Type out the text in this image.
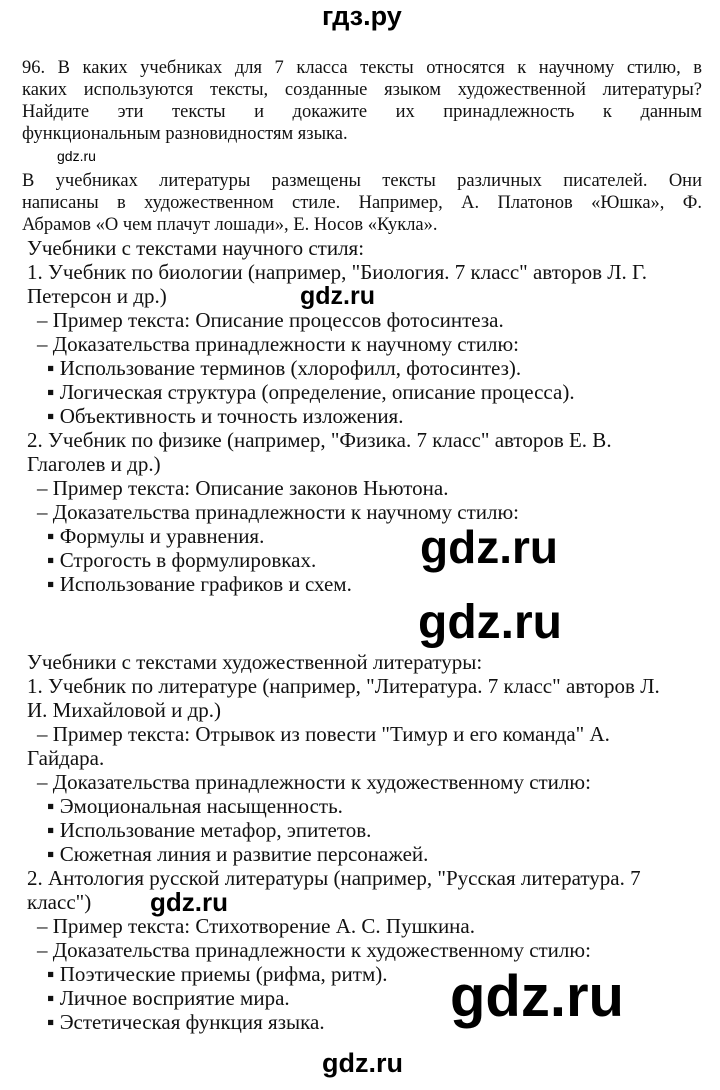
гдз.ру
96. В каких учебниках для 7 класса тексты относятся к научному стилю, в
каких используются тексты, созданные языком художественной литературы?
Найдите эти тексты и докажите их принадлежность к данным
функциональным разновидностям языка.
В учебниках литературы размещены тексты различных писателей. Они
написаны в художественном стиле. Например, А. Платонов «Юшка», Ф.
Абрамов «О чем плачут лошади», Е. Носов «Кукла».
Учебники с текстами научного стиля:
1. Учебник по биологии (например, "Биология. 7 класс" авторов Л. Г.
Петерсон и др.)
– Пример текста: Описание процессов фотосинтеза.
– Доказательства принадлежности к научному стилю:
▪ Использование терминов (хлорофилл, фотосинтез).
▪ Логическая структура (определение, описание процесса).
▪ Объективность и точность изложения.
2. Учебник по физике (например, "Физика. 7 класс" авторов Е. В.
Глаголев и др.)
– Пример текста: Описание законов Ньютона.
– Доказательства принадлежности к научному стилю:
▪ Формулы и уравнения.
▪ Строгость в формулировках.
▪ Использование графиков и схем.
Учебники с текстами художественной литературы:
1. Учебник по литературе (например, "Литература. 7 класс" авторов Л.
И. Михайловой и др.)
– Пример текста: Отрывок из повести "Тимур и его команда" А.
Гайдара.
– Доказательства принадлежности к художественному стилю:
▪ Эмоциональная насыщенность.
▪ Использование метафор, эпитетов.
▪ Сюжетная линия и развитие персонажей.
2. Антология русской литературы (например, "Русская литература. 7
класс")
– Пример текста: Стихотворение А. С. Пушкина.
– Доказательства принадлежности к художественному стилю:
▪ Поэтические приемы (рифма, ритм).
▪ Личное восприятие мира.
▪ Эстетическая функция языка.
gdz.ru
gdz.ru
gdz.ru
gdz.ru
gdz.ru
gdz.ru
gdz.ru
